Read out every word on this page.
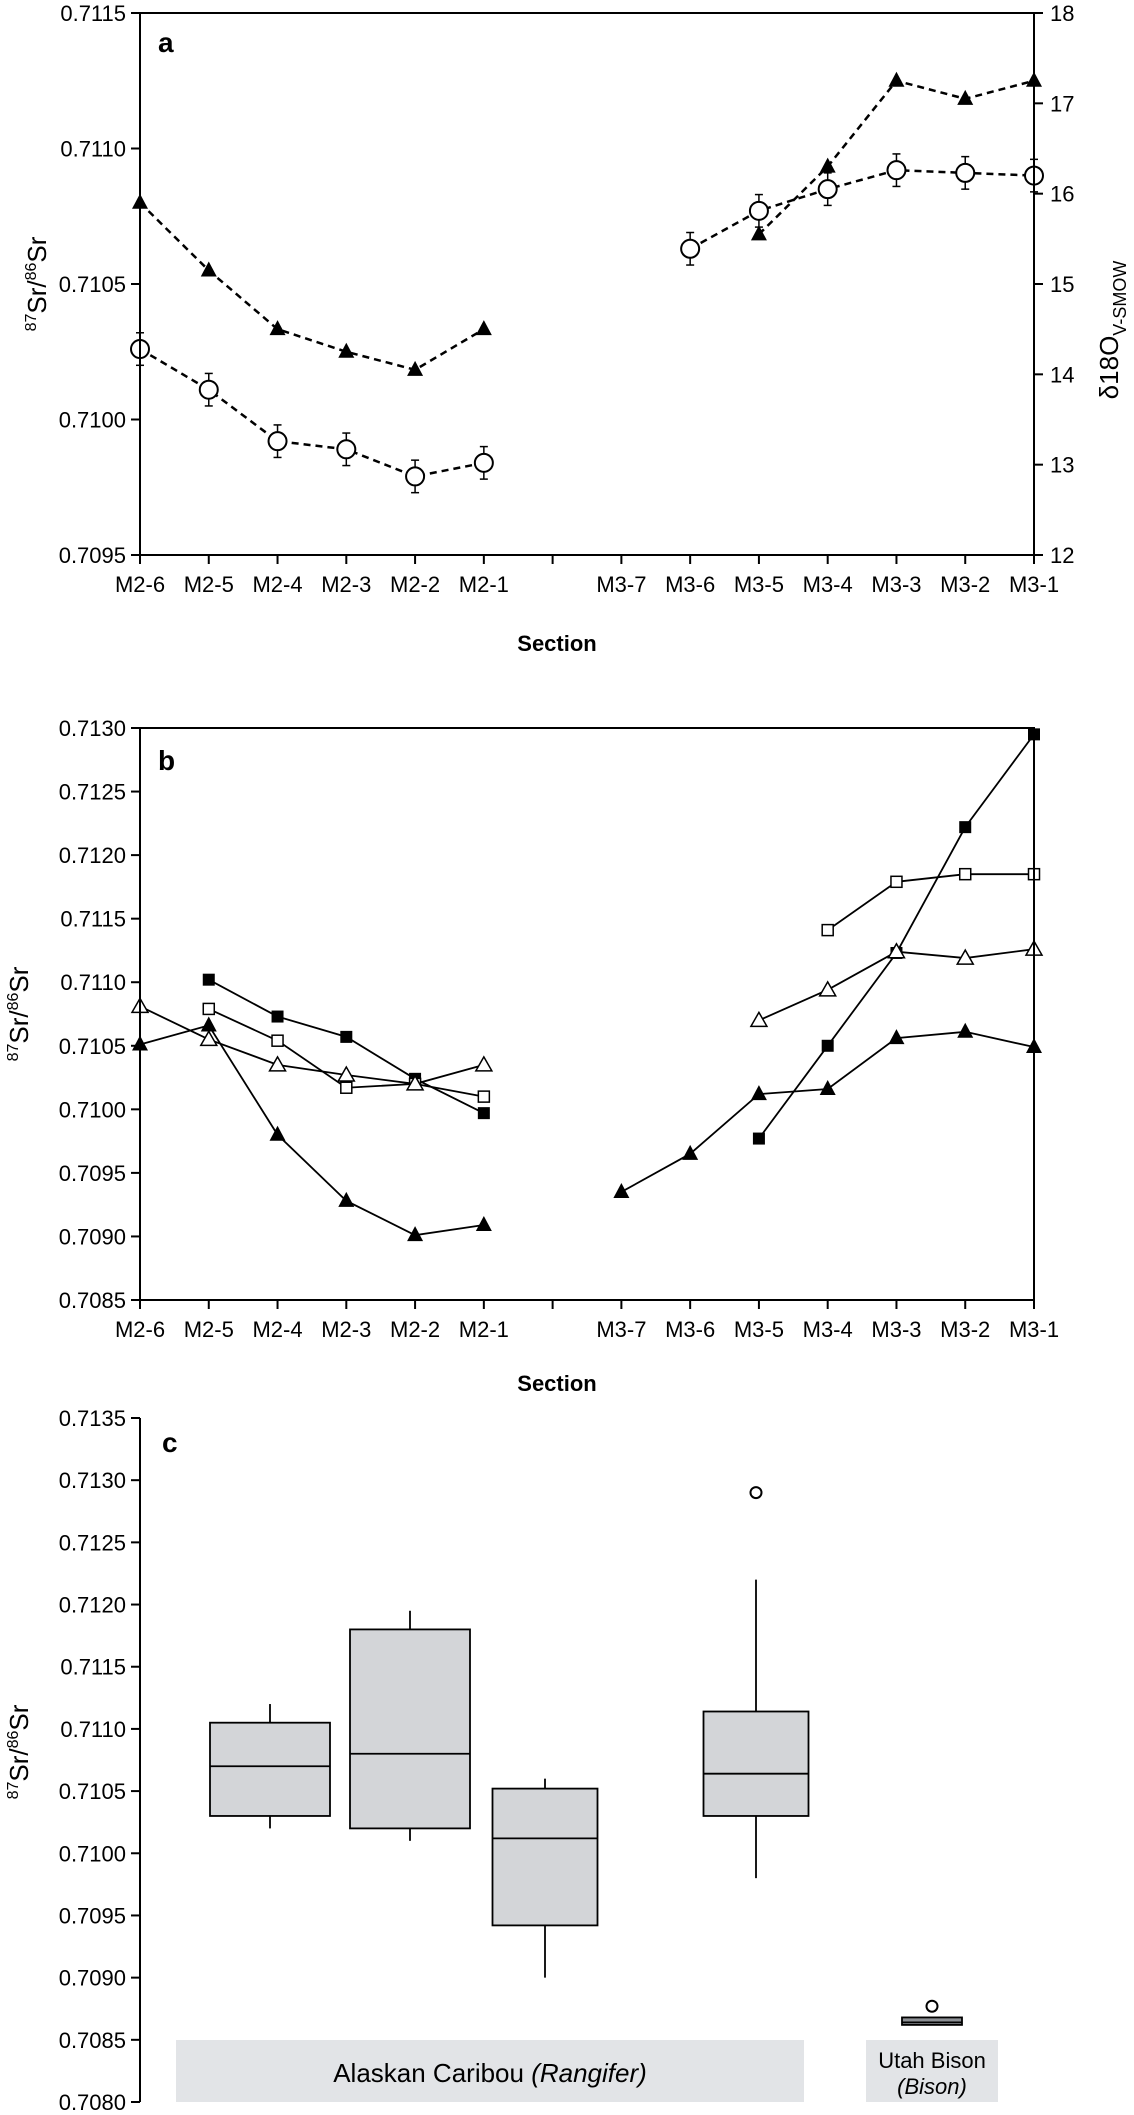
0.7095
0.7100
0.7105
0.7110
0.7115
12
13
14
15
16
17
18
M2-6 M2-5 M2-4 M2-3 M2-2 M2-1	M3-7 M3-6 M3-5 M3-4 M3-3 M3-2 M3-1
a
Section
$^{87}$Sr/$^{86}$Sr
$\delta 18O_{V-SMOW}$
0.7085
0.7090
0.7095
0.7100
0.7105
0.7110
0.7115
0.7120
0.7125
0.7130
M2-6 M2-5 M2-4 M2-3 M2-2 M2-1	M3-7 M3-6 M3-5 M3-4 M3-3 M3-2 M3-1
b
Section
$^{87}$Sr/$^{86}$Sr
Alaskan Caribou (Rangifer)	Utah Bison
(Bison)
0.7080
0.7085
0.7090
0.7095
0.7100
0.7105
0.7110
0.7115
0.7120
0.7125
0.7130
0.7135
c
$^{87}$Sr/$^{86}$Sr
